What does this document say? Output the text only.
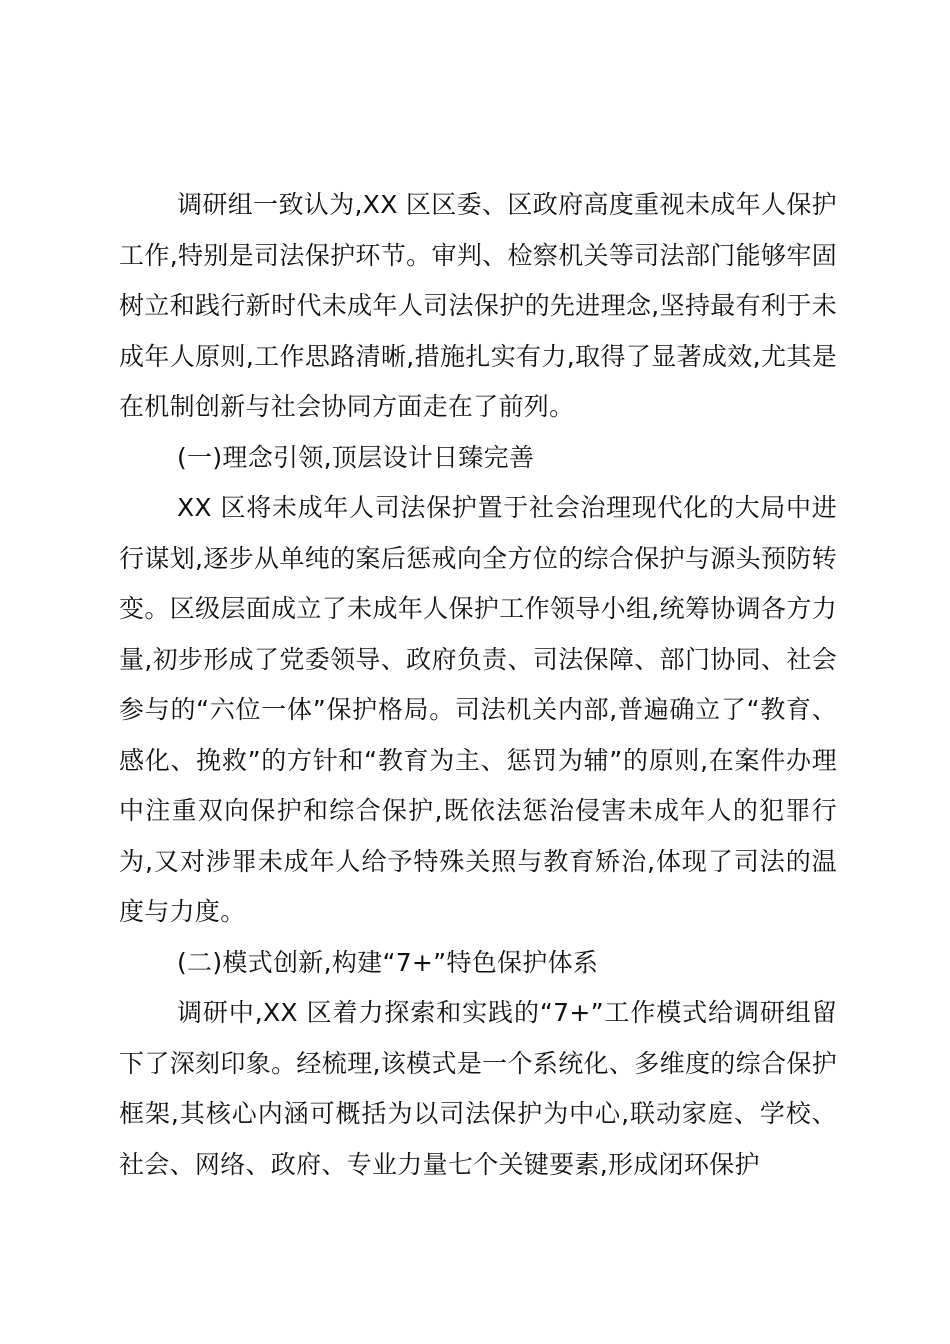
调研组一致认为,XX 区区委、区政府高度重视未成年人保护工作,特别是司法保护环节。审判、检察机关等司法部门能够牢固树立和践行新时代未成年人司法保护的先进理念,坚持最有利于未成年人原则,工作思路清晰,措施扎实有力,取得了显著成效,尤其是在机制创新与社会协同方面走在了前列。

(一)理念引领,顶层设计日臻完善

XX 区将未成年人司法保护置于社会治理现代化的大局中进行谋划,逐步从单纯的案后惩戒向全方位的综合保护与源头预防转变。区级层面成立了未成年人保护工作领导小组,统筹协调各方力量,初步形成了党委领导、政府负责、司法保障、部门协同、社会参与的“六位一体”保护格局。司法机关内部,普遍确立了“教育、感化、挽救”的方针和“教育为主、惩罚为辅”的原则,在案件办理中注重双向保护和综合保护,既依法惩治侵害未成年人的犯罪行为,又对涉罪未成年人给予特殊关照与教育矫治,体现了司法的温度与力度。

(二)模式创新,构建“7+”特色保护体系

调研中,XX 区着力探索和实践的“7+”工作模式给调研组留下了深刻印象。经梳理,该模式是一个系统化、多维度的综合保护框架,其核心内涵可概括为以司法保护为中心,联动家庭、学校、社会、网络、政府、专业力量七个关键要素,形成闭环保护
